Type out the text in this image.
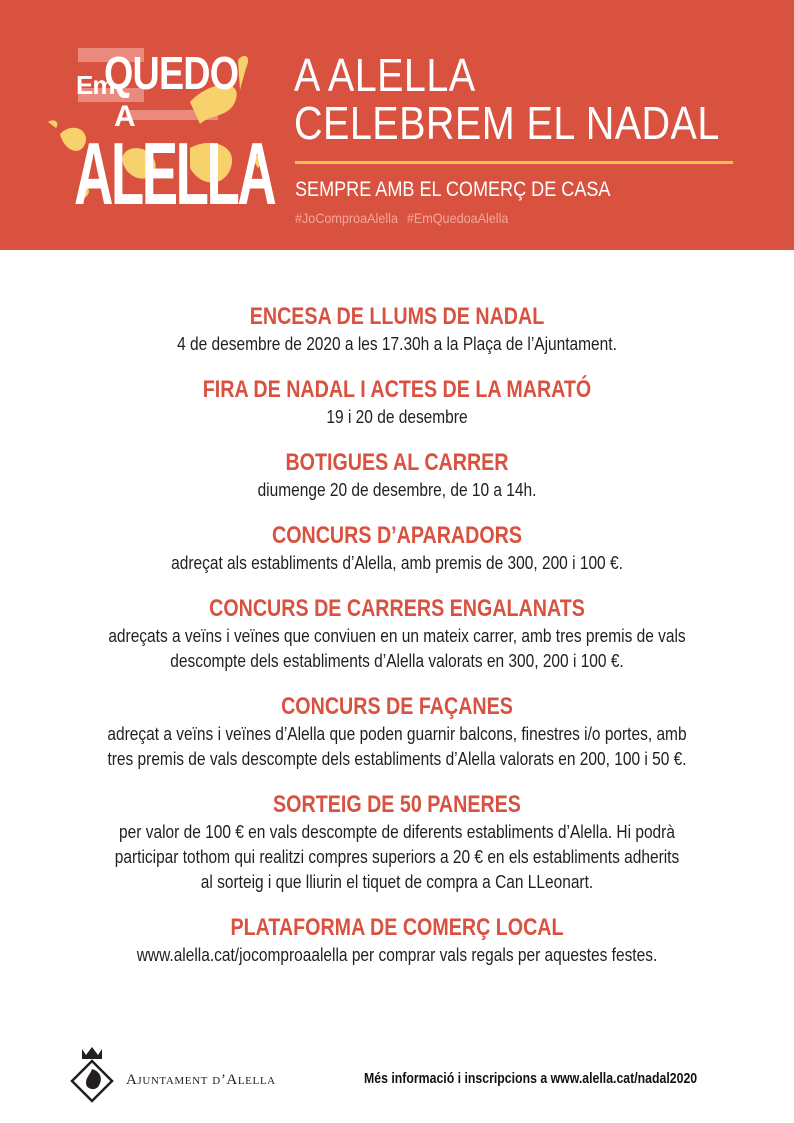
Em
QUEDO
A
ALELLA
A ALELLA
CELEBREM EL NADAL
SEMPRE AMB EL COMERÇ DE CASA
#JoComproaAlella #EmQuedoaAlella
ENCESA DE LLUMS DE NADAL
4 de desembre de 2020 a les 17.30h a la Plaça de l’Ajuntament.
FIRA DE NADAL I ACTES DE LA MARATÓ
19 i 20 de desembre
BOTIGUES AL CARRER
diumenge 20 de desembre, de 10 a 14h.
CONCURS D’APARADORS
adreçat als establiments d’Alella, amb premis de 300, 200 i 100 €.
CONCURS DE CARRERS ENGALANATS
adreçats a veïns i veïnes que conviuen en un mateix carrer, amb tres premis de vals
descompte dels establiments d’Alella valorats en 300, 200 i 100 €.
CONCURS DE FAÇANES
adreçat a veïns i veïnes d’Alella que poden guarnir balcons, finestres i/o portes, amb
tres premis de vals descompte dels establiments d’Alella valorats en 200, 100 i 50 €.
SORTEIG DE 50 PANERES
per valor de 100 € en vals descompte de diferents establiments d’Alella. Hi podrà
participar tothom qui realitzi compres superiors a 20 € en els establiments adherits
al sorteig i que lliurin el tiquet de compra a Can LLeonart.
PLATAFORMA DE COMERÇ LOCAL
www.alella.cat/jocomproaalella per comprar vals regals per aquestes festes.
Ajuntament d’Alella	Més informació i inscripcions a www.alella.cat/nadal2020
